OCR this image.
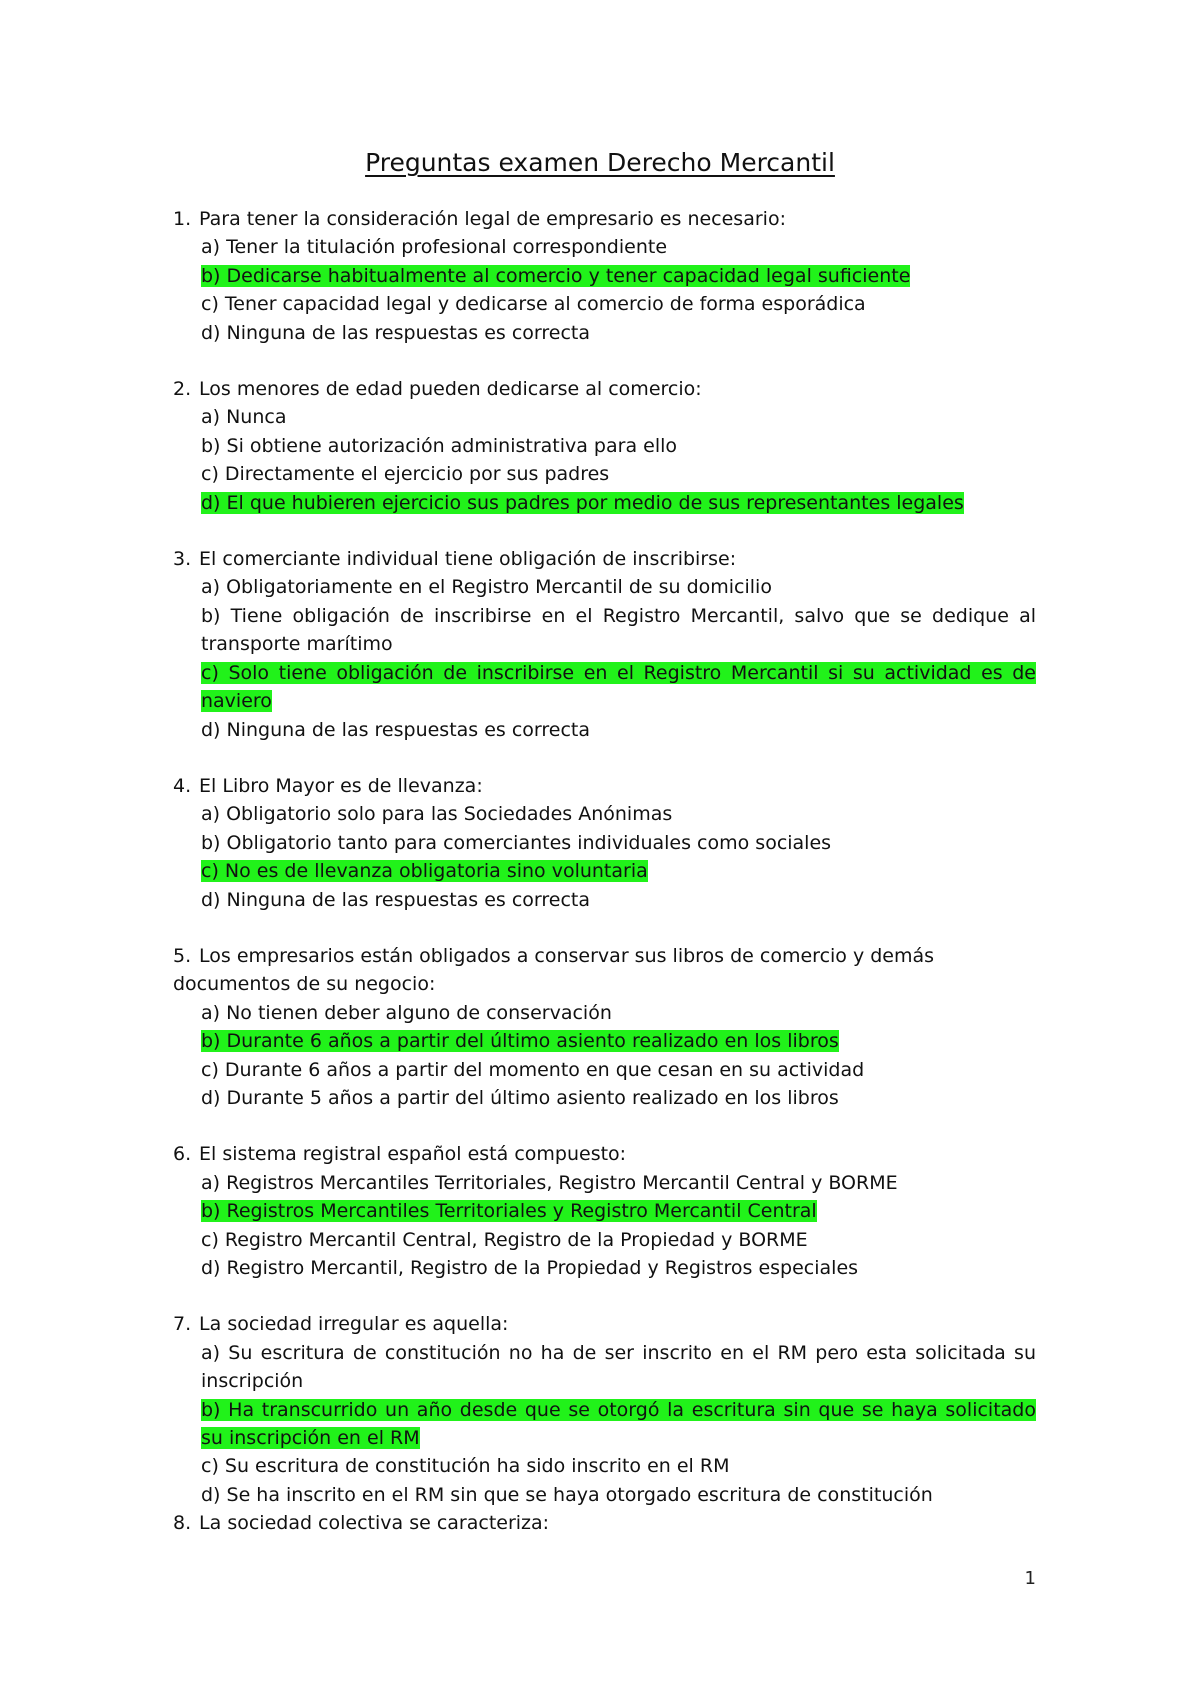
Preguntas examen Derecho Mercantil

1. Para tener la consideración legal de empresario es necesario:

a) Tener la titulación profesional correspondiente

b) Dedicarse habitualmente al comercio y tener capacidad legal suficiente

c) Tener capacidad legal y dedicarse al comercio de forma esporádica

d) Ninguna de las respuestas es correcta

2. Los menores de edad pueden dedicarse al comercio:

a) Nunca

b) Si obtiene autorización administrativa para ello

c) Directamente el ejercicio por sus padres

d) El que hubieren ejercicio sus padres por medio de sus representantes legales

3. El comerciante individual tiene obligación de inscribirse:

a) Obligatoriamente en el Registro Mercantil de su domicilio

b) Tiene obligación de inscribirse en el Registro Mercantil, salvo que se dedique al transporte marítimo

c) Solo tiene obligación de inscribirse en el Registro Mercantil si su actividad es de naviero

d) Ninguna de las respuestas es correcta

4. El Libro Mayor es de llevanza:

a) Obligatorio solo para las Sociedades Anónimas

b) Obligatorio tanto para comerciantes individuales como sociales

c) No es de llevanza obligatoria sino voluntaria

d) Ninguna de las respuestas es correcta

5. Los empresarios están obligados a conservar sus libros de comercio y demás documentos de su negocio:

a) No tienen deber alguno de conservación

b) Durante 6 años a partir del último asiento realizado en los libros

c) Durante 6 años a partir del momento en que cesan en su actividad

d) Durante 5 años a partir del último asiento realizado en los libros

6. El sistema registral español está compuesto:

a) Registros Mercantiles Territoriales, Registro Mercantil Central y BORME

b) Registros Mercantiles Territoriales y Registro Mercantil Central

c) Registro Mercantil Central, Registro de la Propiedad y BORME

d) Registro Mercantil, Registro de la Propiedad y Registros especiales

7. La sociedad irregular es aquella:

a) Su escritura de constitución no ha de ser inscrito en el RM pero esta solicitada su inscripción

b) Ha transcurrido un año desde que se otorgó la escritura sin que se haya solicitado su inscripción en el RM

c) Su escritura de constitución ha sido inscrito en el RM

d) Se ha inscrito en el RM sin que se haya otorgado escritura de constitución

8. La sociedad colectiva se caracteriza:

1
